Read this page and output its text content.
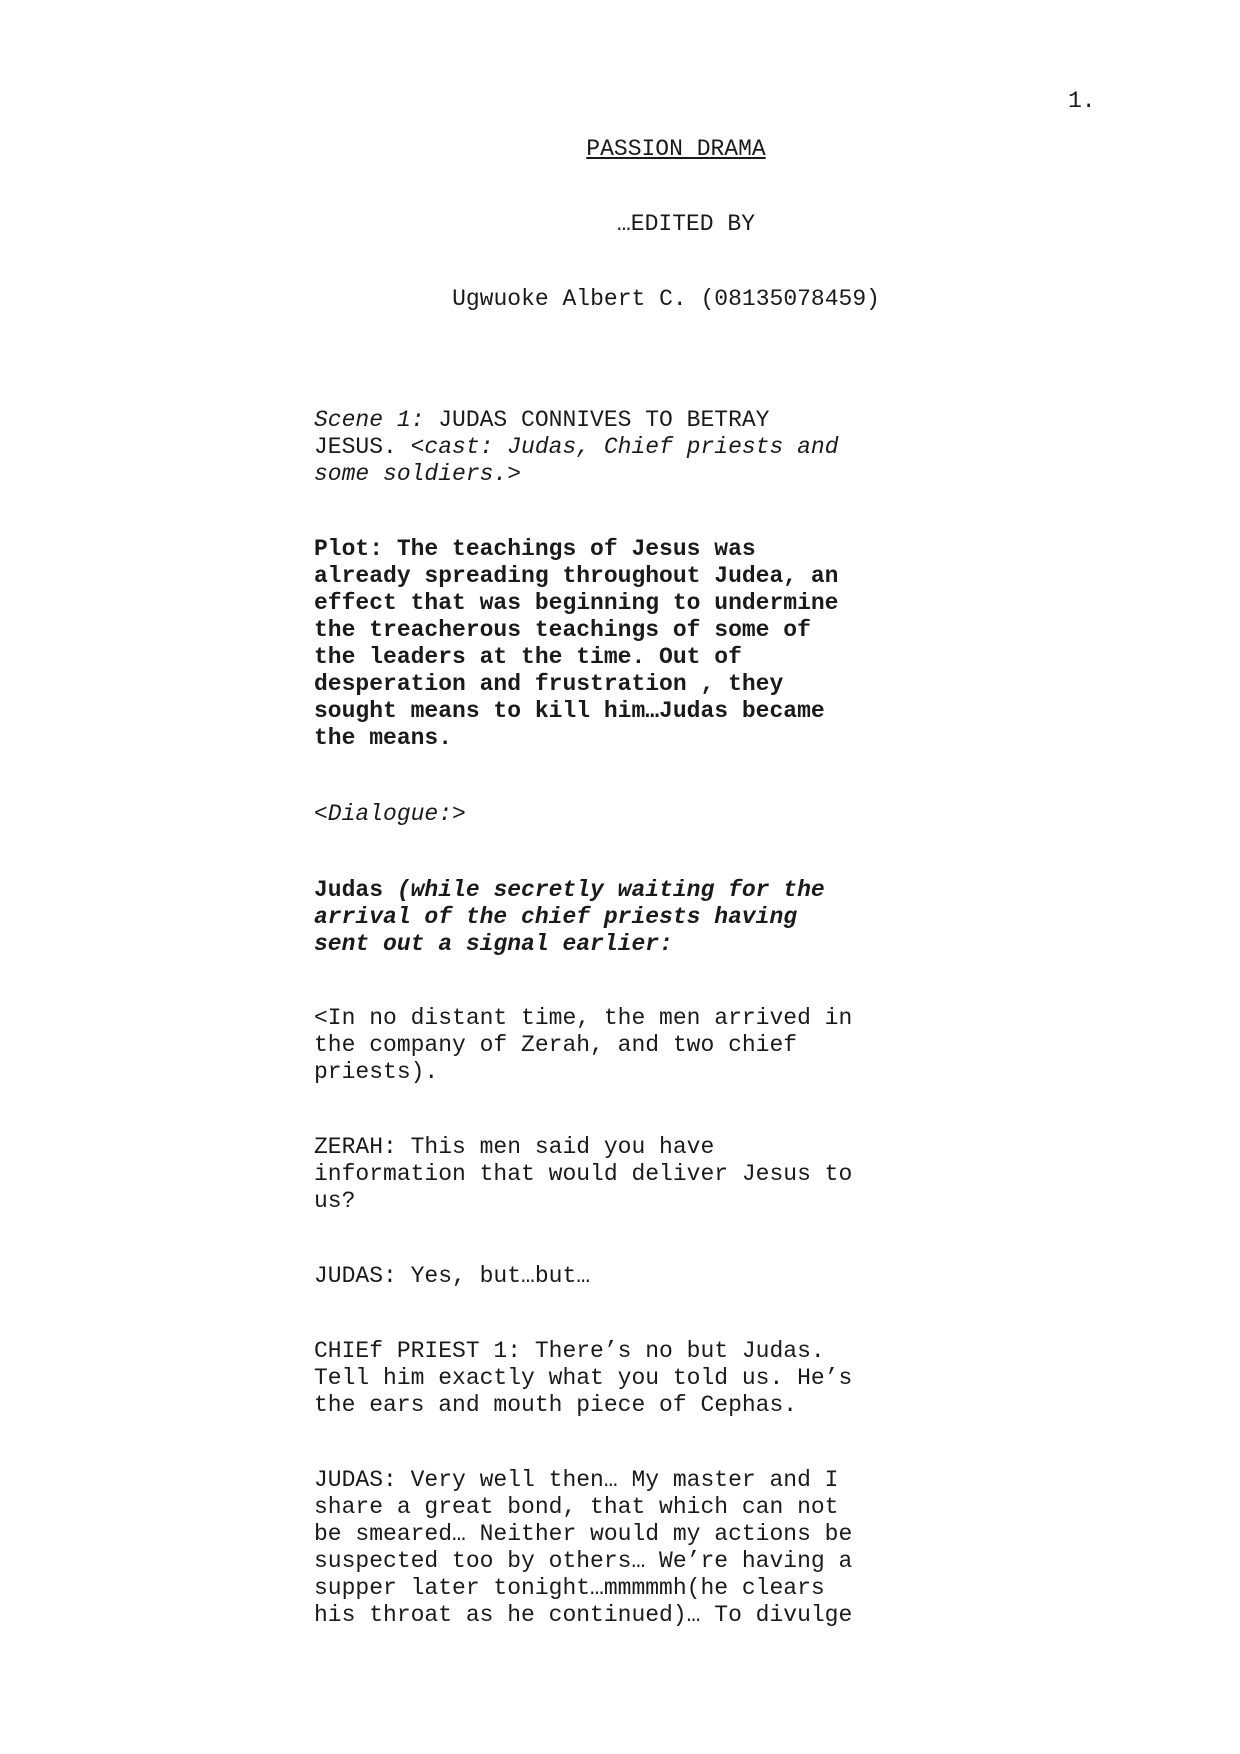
1.
PASSION DRAMA
…EDITED BY
Ugwuoke Albert C. (08135078459)
Scene 1: JUDAS CONNIVES TO BETRAY
JESUS. <cast: Judas, Chief priests and
some soldiers.>
Plot: The teachings of Jesus was
already spreading throughout Judea, an
effect that was beginning to undermine
the treacherous teachings of some of
the leaders at the time. Out of
desperation and frustration , they
sought means to kill him…Judas became
the means.
<Dialogue:>
Judas (while secretly waiting for the
arrival of the chief priests having
sent out a signal earlier:
<In no distant time, the men arrived in
the company of Zerah, and two chief
priests).
ZERAH: This men said you have
information that would deliver Jesus to
us?
JUDAS: Yes, but…but…
CHIEf PRIEST 1: There’s no but Judas.
Tell him exactly what you told us. He’s
the ears and mouth piece of Cephas.
JUDAS: Very well then… My master and I
share a great bond, that which can not
be smeared… Neither would my actions be
suspected too by others… We’re having a
supper later tonight…mmmmmh(he clears
his throat as he continued)… To divulge
